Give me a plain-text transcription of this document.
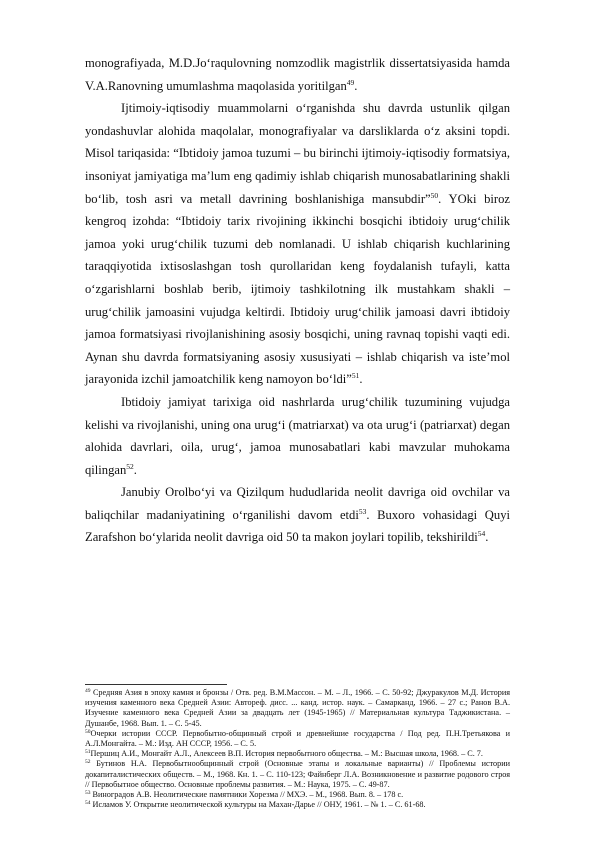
monografiyada, M.D.Jo‘raqulovning nomzodlik magistrlik dissertatsiyasida hamda V.A.Ranovning umumlashma maqolasida yoritilgan$^{49}$.

Ijtimoiy-iqtisodiy muammolarni o‘rganishda shu davrda ustunlik qilgan yondashuvlar alohida maqolalar, monografiyalar va darsliklarda o‘z aksini topdi. Misol tariqasida: “Ibtidoiy jamoa tuzumi – bu birinchi ijtimoiy-iqtisodiy formatsiya, insoniyat jamiyatiga ma’lum eng qadimiy ishlab chiqarish munosabatlarining shakli bo‘lib, tosh asri va metall davrining boshlanishiga mansubdir”$^{50}$. YOki biroz kengroq izohda: “Ibtidoiy tarix rivojining ikkinchi bosqichi ibtidoiy urug‘chilik jamoa yoki urug‘chilik tuzumi deb nomlanadi. U ishlab chiqarish kuchlarining taraqqiyotida ixtisoslashgan tosh qurollaridan keng foydalanish tufayli, katta o‘zgarishlarni boshlab berib, ijtimoiy tashkilotning ilk mustahkam shakli – urug‘chilik jamoasini vujudga keltirdi. Ibtidoiy urug‘chilik jamoasi davri ibtidoiy jamoa formatsiyasi rivojlanishining asosiy bosqichi, uning ravnaq topishi vaqti edi. Aynan shu davrda formatsiyaning asosiy xususiyati – ishlab chiqarish va iste’mol jarayonida izchil jamoatchilik keng namoyon bo‘ldi”$^{51}$.

Ibtidoiy jamiyat tarixiga oid nashrlarda urug‘chilik tuzumining vujudga kelishi va rivojlanishi, uning ona urug‘i (matriarxat) va ota urug‘i (patriarxat) degan alohida davrlari, oila, urug‘, jamoa munosabatlari kabi mavzular muhokama qilingan$^{52}$.

Janubiy Orolbo‘yi va Qizilqum hududlarida neolit davriga oid ovchilar va baliqchilar madaniyatining o‘rganilishi davom etdi$^{53}$. Buxoro vohasidagi Quyi Zarafshon bo‘ylarida neolit davriga oid 50 ta makon joylari topilib, tekshirildi$^{54}$.

$^{49}$ Средняя Азия в эпоху камня и бронзы / Отв. ред. В.М.Массон. – М. – Л., 1966. – С. 50-92; Джуракулов М.Д. История изучения каменного века Средней Азии: Автореф. дисс. ... канд. истор. наук. – Самарканд, 1966. – 27 с.; Ранов В.А. Изучение каменного века Средней Азии за двадцать лет (1945-1965) // Материальная культура Таджикистана. – Душанбе, 1968. Вып. 1. – С. 5-45.

$^{50}$Очерки истории СССР. Первобытно-общинный строй и древнейшие государства / Под ред. П.Н.Третьякова и А.Л.Монгайта. – М.: Изд. АН СССР, 1956. – С. 5.

$^{51}$Першиц А.И., Монгайт А.Л., Алексеев В.П. История первобытного общества. – М.: Высшая школа, 1968. – С. 7.

$^{52}$ Бутинов Н.А. Первобытнообщинный строй (Основные этапы и локальные варианты) // Проблемы истории докапиталистических обществ. – М., 1968. Кн. 1. – С. 110-123; Файнберг Л.А. Возникновение и развитие родового строя // Первобытное общество. Основные проблемы развития. – М.: Наука, 1975. – С. 49-87.

$^{53}$ Виноградов А.В. Неолитические памятники Хорезма // МХЭ. – М., 1968. Вып. 8. – 178 с.

$^{54}$ Исламов У. Открытие неолитической культуры на Махан-Дарье // ОНУ, 1961. – № 1. – С. 61-68.
